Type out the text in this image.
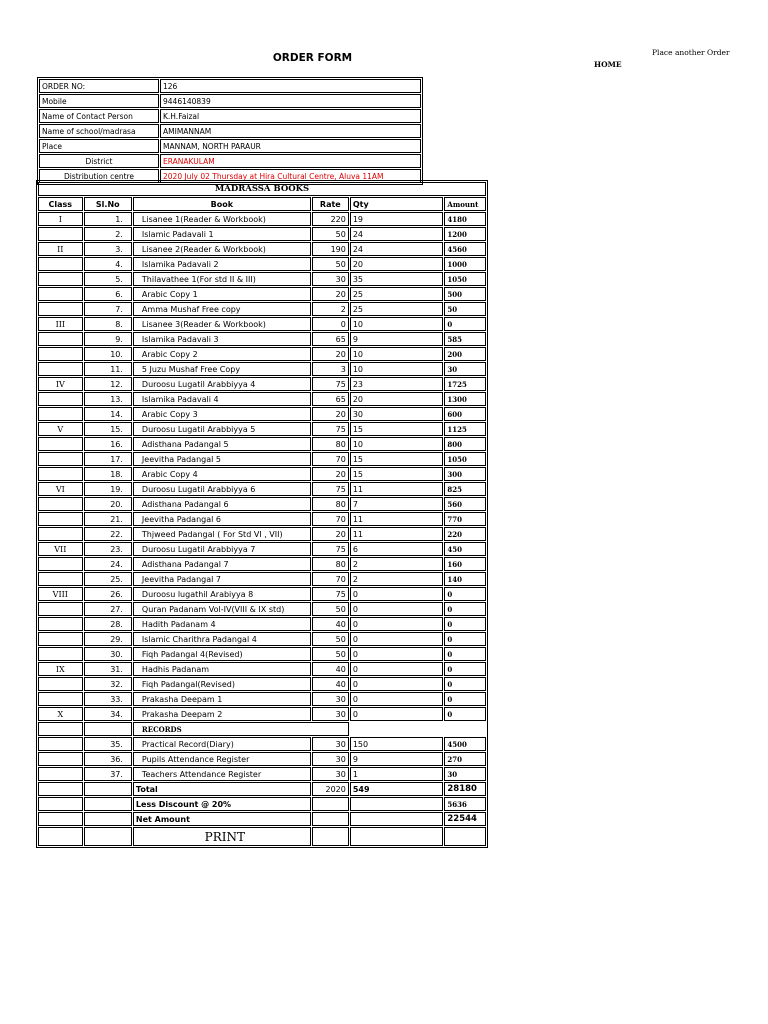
ORDER FORM	Place another Order
HOME
ORDER NO:	126
Mobile	9446140839
Name of Contact Person	K.H.Faizal
Name of school/madrasa	AMIMANNAM
Place	MANNAM, NORTH PARAUR
District	ERANAKULAM
Distribution centre	2020 July 02 Thursday at Hira Cultural Centre, Aluva 11AM
MADRASSA BOOKS					
Class	Sl.No	Book	Rate	Qty	Amount
I	1.	Lisanee 1(Reader & Workbook)	220	19	4180
	2.	Islamic Padavali 1	50	24	1200
II	3.	Lisanee 2(Reader & Workbook)	190	24	4560
	4.	Islamika Padavali 2	50	20	1000
	5.	Thilavathee 1(For std II & III)	30	35	1050
	6.	Arabic Copy 1	20	25	500
	7.	Amma Mushaf Free copy	2	25	50
III	8.	Lisanee 3(Reader & Workbook)	0	10	0
	9.	Islamika Padavali 3	65	9	585
	10.	Arabic Copy 2	20	10	200
	11.	5 Juzu Mushaf Free Copy	3	10	30
IV	12.	Duroosu Lugatil Arabbiyya 4	75	23	1725
	13.	Islamika Padavali 4	65	20	1300
	14.	Arabic Copy 3	20	30	600
V	15.	Duroosu Lugatil Arabbiyya 5	75	15	1125
	16.	Adisthana Padangal 5	80	10	800
	17.	Jeevitha Padangal 5	70	15	1050
	18.	Arabic Copy 4	20	15	300
VI	19.	Duroosu Lugatil Arabbiyya 6	75	11	825
	20.	Adisthana Padangal 6	80	7	560
	21.	Jeevitha Padangal 6	70	11	770
	22.	Thjweed Padangal ( For Std VI , VII)	20	11	220
VII	23.	Duroosu Lugatil Arabbiyya 7	75	6	450
	24.	Adisthana Padangal 7	80	2	160
	25.	Jeevitha Padangal 7	70	2	140
VIII	26.	Duroosu lugathil Arabiyya 8	75	0	0
	27.	Quran Padanam Vol-IV(VIII & IX std)	50	0	0
	28.	Hadith Padanam 4	40	0	0
	29.	Islamic Charithra Padangal 4	50	0	0
	30.	Fiqh Padangal 4(Revised)	50	0	0
IX	31.	Hadhis Padanam	40	0	0
	32.	Fiqh Padangal(Revised)	40	0	0
	33.	Prakasha Deepam 1	30	0	0
X	34.	Prakasha Deepam 2	30	0	0
		RECORDS			
	35.	Practical Record(Diary)	30	150	4500
	36.	Pupils Attendance Register	30	9	270
	37.	Teachers Attendance Register	30	1	30
		Total	2020	549	28180
		Less Discount @ 20%			5636
		Net Amount			22544
		PRINT			
